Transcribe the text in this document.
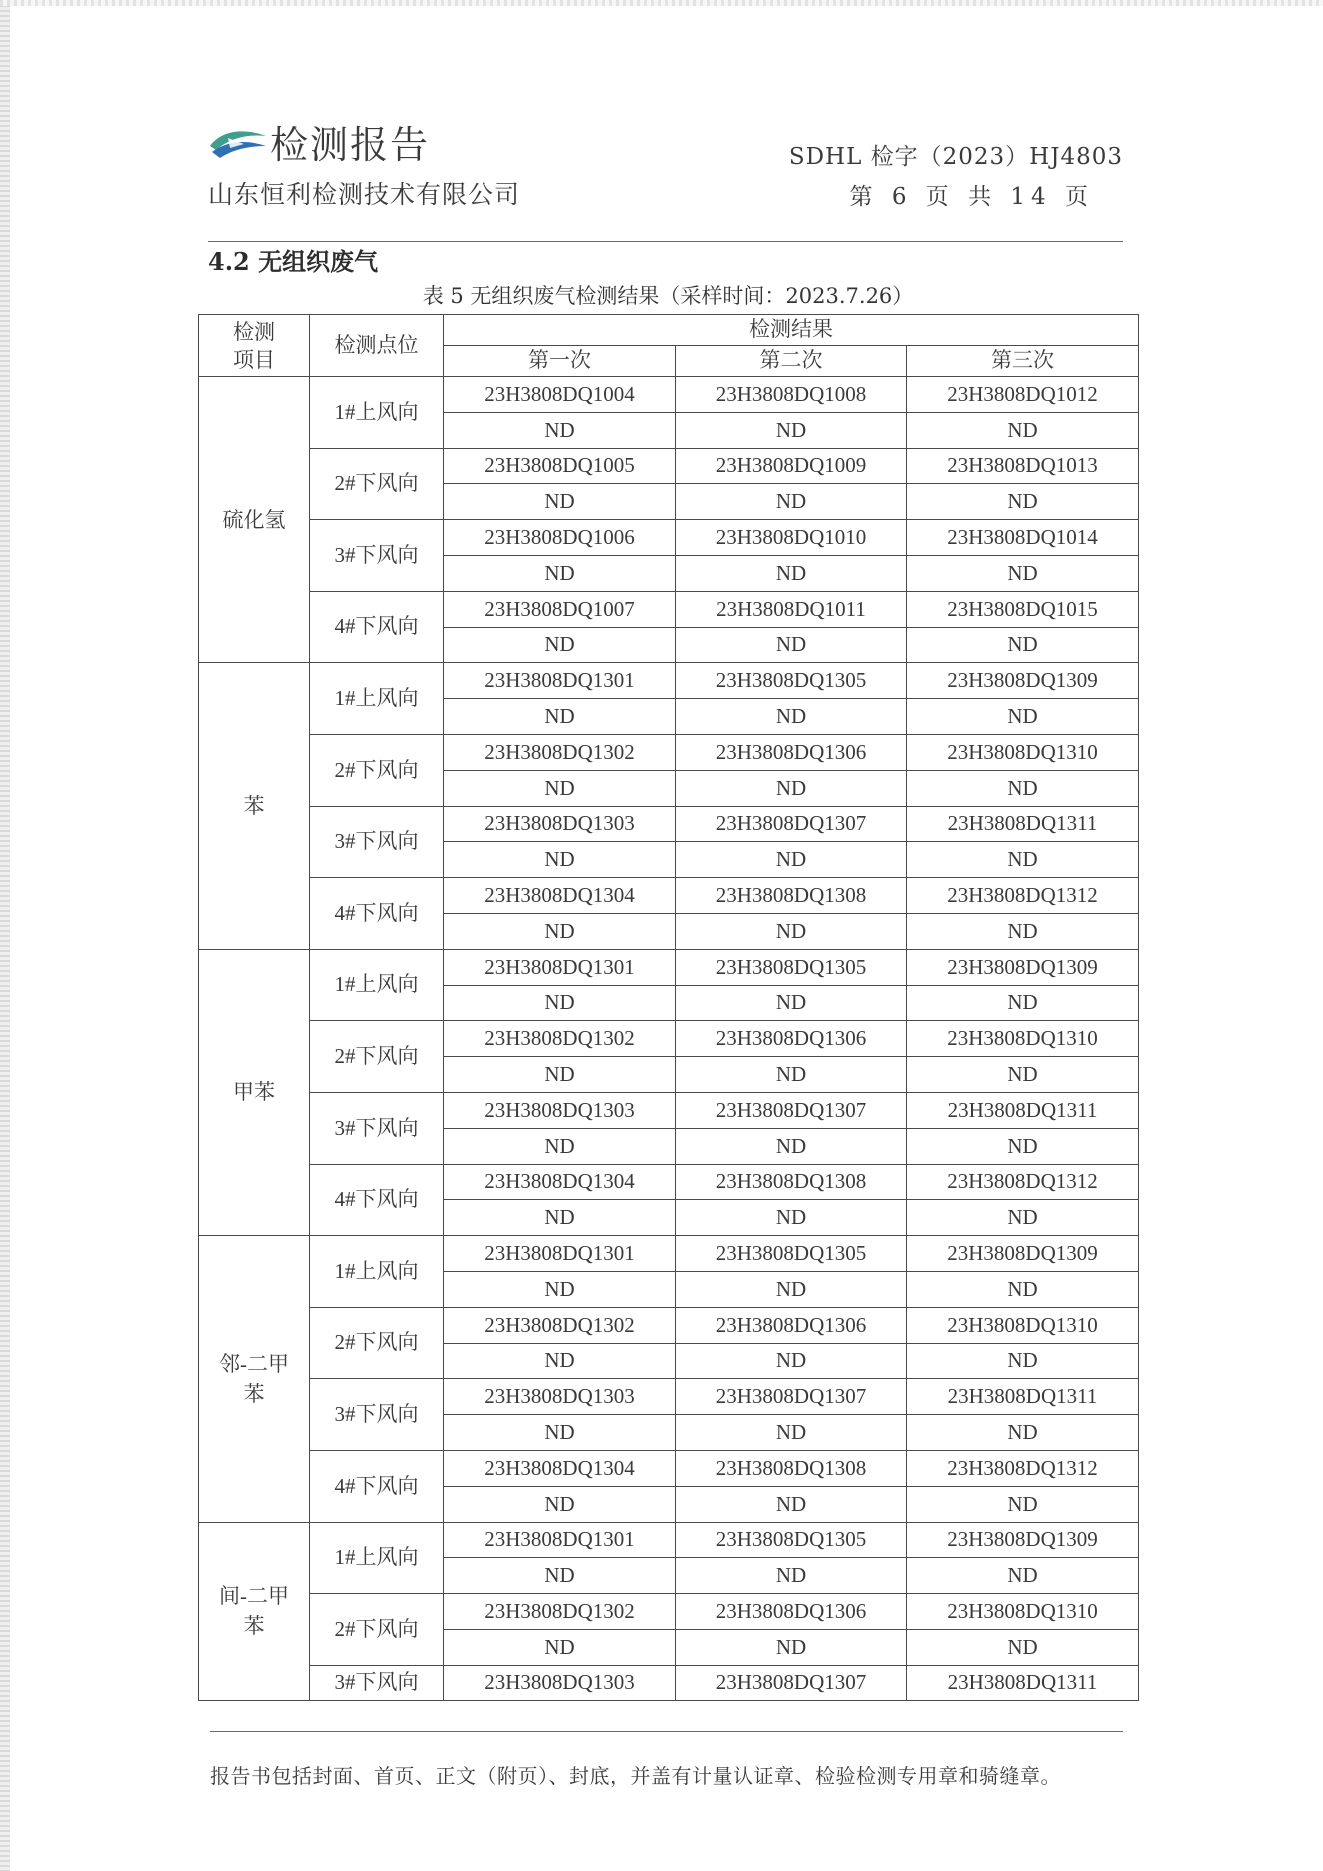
检测报告
山东恒利检测技术有限公司
SDHL 检字（2023）HJ4803
第 6 页 共 14 页
4.2 无组织废气
表 5 无组织废气检测结果（采样时间：2023.7.26）
检测
项目	检测点位	检测结果		
		第一次	第二次	第三次

硫化氢	1#上风向	23H3808DQ1004	23H3808DQ1008	23H3808DQ1012
		ND	ND	ND
	2#下风向	23H3808DQ1005	23H3808DQ1009	23H3808DQ1013
		ND	ND	ND
	3#下风向	23H3808DQ1006	23H3808DQ1010	23H3808DQ1014
		ND	ND	ND
	4#下风向	23H3808DQ1007	23H3808DQ1011	23H3808DQ1015
		ND	ND	ND

苯	1#上风向	23H3808DQ1301	23H3808DQ1305	23H3808DQ1309
		ND	ND	ND
	2#下风向	23H3808DQ1302	23H3808DQ1306	23H3808DQ1310
		ND	ND	ND
	3#下风向	23H3808DQ1303	23H3808DQ1307	23H3808DQ1311
		ND	ND	ND
	4#下风向	23H3808DQ1304	23H3808DQ1308	23H3808DQ1312
		ND	ND	ND

甲苯	1#上风向	23H3808DQ1301	23H3808DQ1305	23H3808DQ1309
		ND	ND	ND
	2#下风向	23H3808DQ1302	23H3808DQ1306	23H3808DQ1310
		ND	ND	ND
	3#下风向	23H3808DQ1303	23H3808DQ1307	23H3808DQ1311
		ND	ND	ND
	4#下风向	23H3808DQ1304	23H3808DQ1308	23H3808DQ1312
		ND	ND	ND

邻-二甲
苯	1#上风向	23H3808DQ1301	23H3808DQ1305	23H3808DQ1309
		ND	ND	ND
	2#下风向	23H3808DQ1302	23H3808DQ1306	23H3808DQ1310
		ND	ND	ND
	3#下风向	23H3808DQ1303	23H3808DQ1307	23H3808DQ1311
		ND	ND	ND
	4#下风向	23H3808DQ1304	23H3808DQ1308	23H3808DQ1312
		ND	ND	ND

间-二甲
苯	1#上风向	23H3808DQ1301	23H3808DQ1305	23H3808DQ1309
		ND	ND	ND
	2#下风向	23H3808DQ1302	23H3808DQ1306	23H3808DQ1310
		ND	ND	ND
	3#下风向	23H3808DQ1303	23H3808DQ1307	23H3808DQ1311
报告书包括封面、首页、正文（附页）、封底，并盖有计量认证章、检验检测专用章和骑缝章。
